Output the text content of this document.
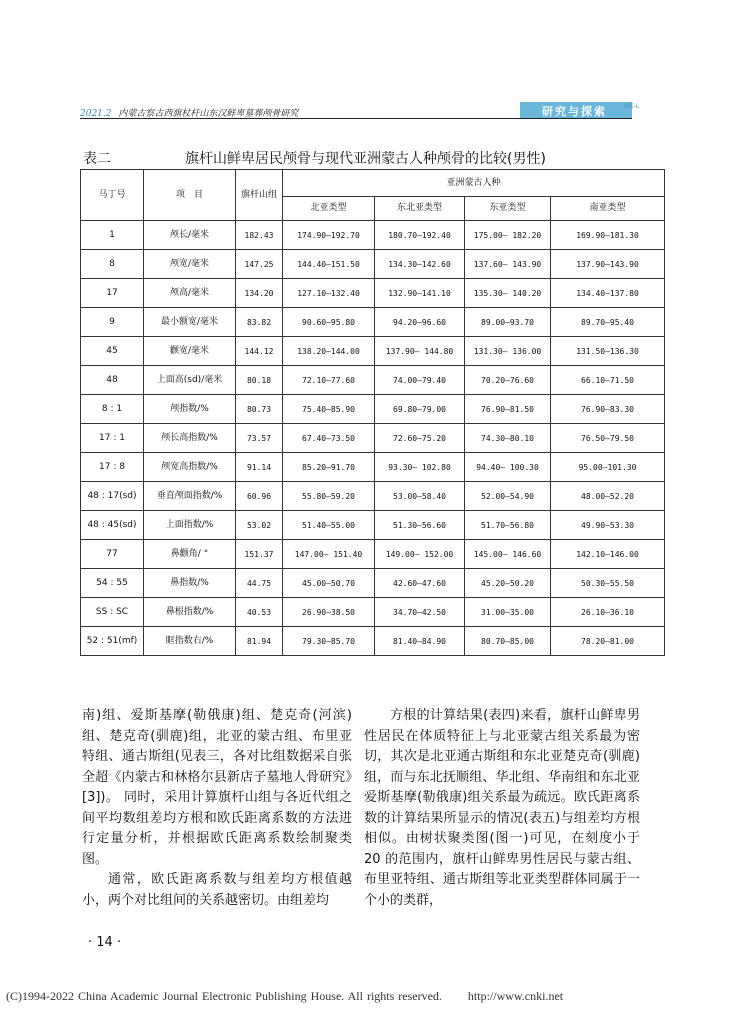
2021.2 内蒙古察古西旗杖杆山东汉鲜卑墓葬颅骨研究	研究与探索	IVE-L
表二	旗杆山鲜卑居民颅骨与现代亚洲蒙古人种颅骨的比较(男性)
马丁号	项　目	旗杆山组	亚洲蒙古人种			
			北亚类型	东北亚类型	东亚类型	南亚类型
1	颅长/毫米	182.43	174.90—192.70	180.70—192.40	175.00— 182.20	169.90—181.30
8	颅宽/毫米	147.25	144.40—151.50	134.30—142.60	137.60— 143.90	137.90—143.90
17	颅高/毫米	134.20	127.10—132.40	132.90—141.10	135.30— 140.20	134.40—137.80
9	最小额宽/毫米	83.82	90.60—95.80	94.20—96.60	89.00—93.70	89.70—95.40
45	颧宽/毫米	144.12	138.20—144.00	137.90— 144.80	131.30— 136.00	131.50—136.30
48	上面高(sd)/毫米	80.18	72.10—77.60	74.00—79.40	70.20—76.60	66.10—71.50
8 : 1	颅指数/%	80.73	75.40—85.90	69.80—79.00	76.90—81.50	76.90—83.30
17 : 1	颅长高指数/%	73.57	67.40—73.50	72.60—75.20	74.30—80.10	76.50—79.50
17 : 8	颅宽高指数/%	91.14	85.20—91.70	93.30— 102.80	94.40— 100.30	95.00—101.30
48 : 17(sd)	垂直颅面指数/%	60.96	55.80—59.20	53.00—58.40	52.00—54.90	48.00—52.20
48 : 45(sd)	上面指数/%	53.02	51.40—55.00	51.30—56.60	51.70—56.80	49.90—53.30
77	鼻颧角/ °	151.37	147.00— 151.40	149.00— 152.00	145.00— 146.60	142.10—146.00
54 : 55	鼻指数/%	44.75	45.00—50.70	42.60—47.60	45.20—50.20	50.30—55.50
SS : SC	鼻根指数/%	40.53	26.90—38.50	34.70—42.50	31.00—35.00	26.10—36.10
52 : 51(mf)	眶指数右/%	81.94	79.30—85.70	81.40—84.90	80.70—85.00	78.20—81.00

南)组、爱斯基摩(勒俄康)组、楚克奇(河滨)组、楚克奇(驯鹿)组，北亚的蒙古组、布里亚特组、通古斯组(见表三，各对比组数据采自张全超《内蒙古和林格尔县新店子墓地人骨研究》[3])。 同时，采用计算旗杆山组与各近代组之间平均数组差均方根和欧氏距离系数的方法进行定量分析，并根据欧氏距离系数绘制聚类图。

通常，欧氏距离系数与组差均方根值越小，两个对比组间的关系越密切。由组差均

方根的计算结果(表四)来看，旗杆山鲜卑男性居民在体质特征上与北亚蒙古组关系最为密切，其次是北亚通古斯组和东北亚楚克奇(驯鹿)组，而与东北抚顺组、华北组、华南组和东北亚爱斯基摩(勒俄康)组关系最为疏远。欧氏距离系数的计算结果所显示的情况(表五)与组差均方根相似。由树状聚类图(图一)可见，在刻度小于 20 的范围内，旗杆山鲜卑男性居民与蒙古组、布里亚特组、通古斯组等北亚类型群体同属于一个小的类群，

· 14 ·
(C)1994-2022 China Academic Journal Electronic Publishing House. All rights reserved. http://www.cnki.net
